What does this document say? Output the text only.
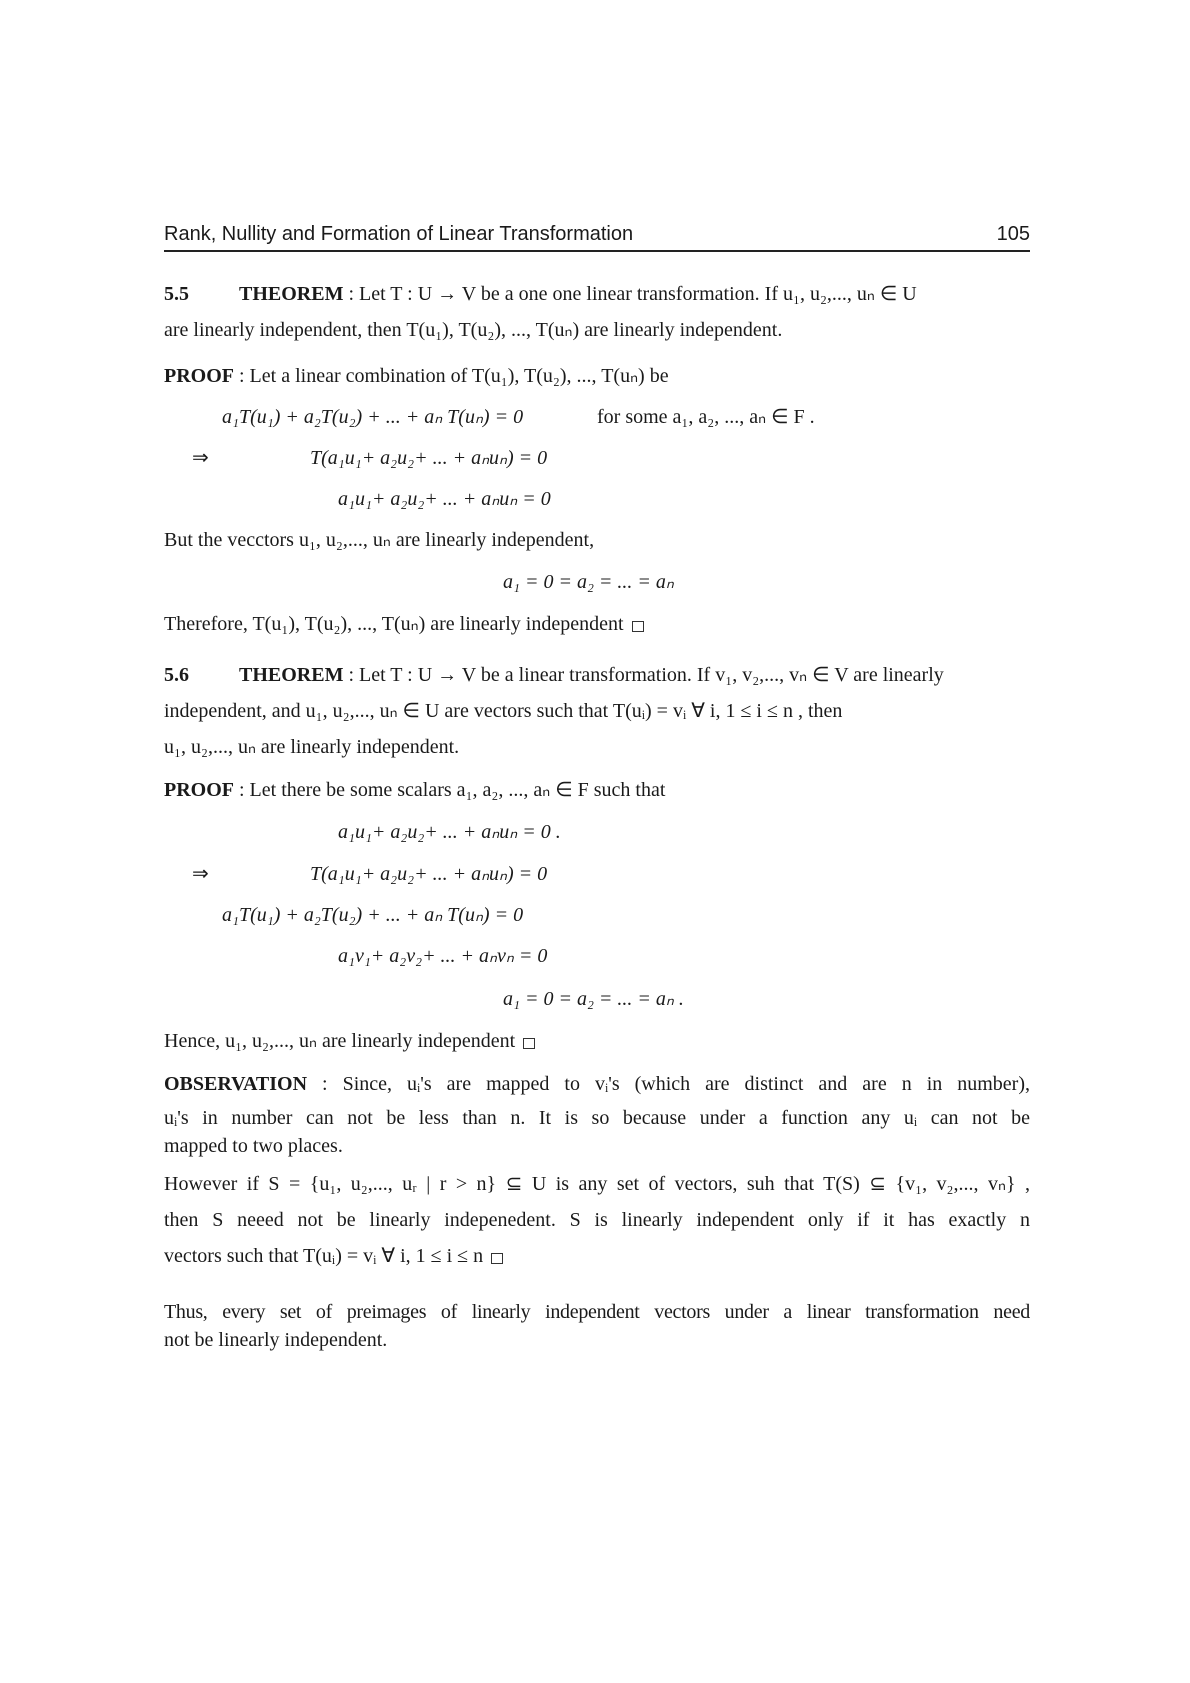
Rank, Nullity and Formation of Linear Transformation	105
5.5	THEOREM : Let T : U → V be a one one linear transformation. If u₁, u₂,..., uₙ ∈ U
are linearly independent, then T(u₁), T(u₂), ..., T(uₙ) are linearly independent.
PROOF : Let a linear combination of T(u₁), T(u₂), ..., T(uₙ) be
a₁T(u₁) + a₂T(u₂) + ... + aₙ T(uₙ) = 0	for some a₁, a₂, ..., aₙ ∈ F .
⇒	T(a₁u₁+ a₂u₂+ ... + aₙuₙ) = 0
a₁u₁+ a₂u₂+ ... + aₙuₙ = 0
But the vecctors u₁, u₂,..., uₙ are linearly independent,
a₁ = 0 = a₂ = ... = aₙ
Therefore, T(u₁), T(u₂), ..., T(uₙ) are linearly independent
5.6	THEOREM : Let T : U → V be a linear transformation. If v₁, v₂,..., vₙ ∈ V are linearly
independent, and u₁, u₂,..., uₙ ∈ U are vectors such that T(uᵢ) = vᵢ ∀ i, 1 ≤ i ≤ n , then
u₁, u₂,..., uₙ are linearly independent.
PROOF : Let there be some scalars a₁, a₂, ..., aₙ ∈ F such that
a₁u₁+ a₂u₂+ ... + aₙuₙ = 0 .
⇒	T(a₁u₁+ a₂u₂+ ... + aₙuₙ) = 0
a₁T(u₁) + a₂T(u₂) + ... + aₙ T(uₙ) = 0
a₁v₁+ a₂v₂+ ... + aₙvₙ = 0
a₁ = 0 = a₂ = ... = aₙ .
Hence, u₁, u₂,..., uₙ are linearly independent
OBSERVATION : Since, uᵢ's are mapped to vᵢ's (which are distinct and are n in number),
uᵢ's in number can not be less than n. It is so because under a function any uᵢ can not be
mapped to two places.
However if S = {u₁, u₂,..., uᵣ | r > n} ⊆ U is any set of vectors, suh that T(S) ⊆ {v₁, v₂,..., vₙ} ,
then S neeed not be linearly indepenedent. S is linearly independent only if it has exactly n
vectors such that T(uᵢ) = vᵢ ∀ i, 1 ≤ i ≤ n
Thus, every set of preimages of linearly independent vectors under a linear transformation need
not be linearly independent.
